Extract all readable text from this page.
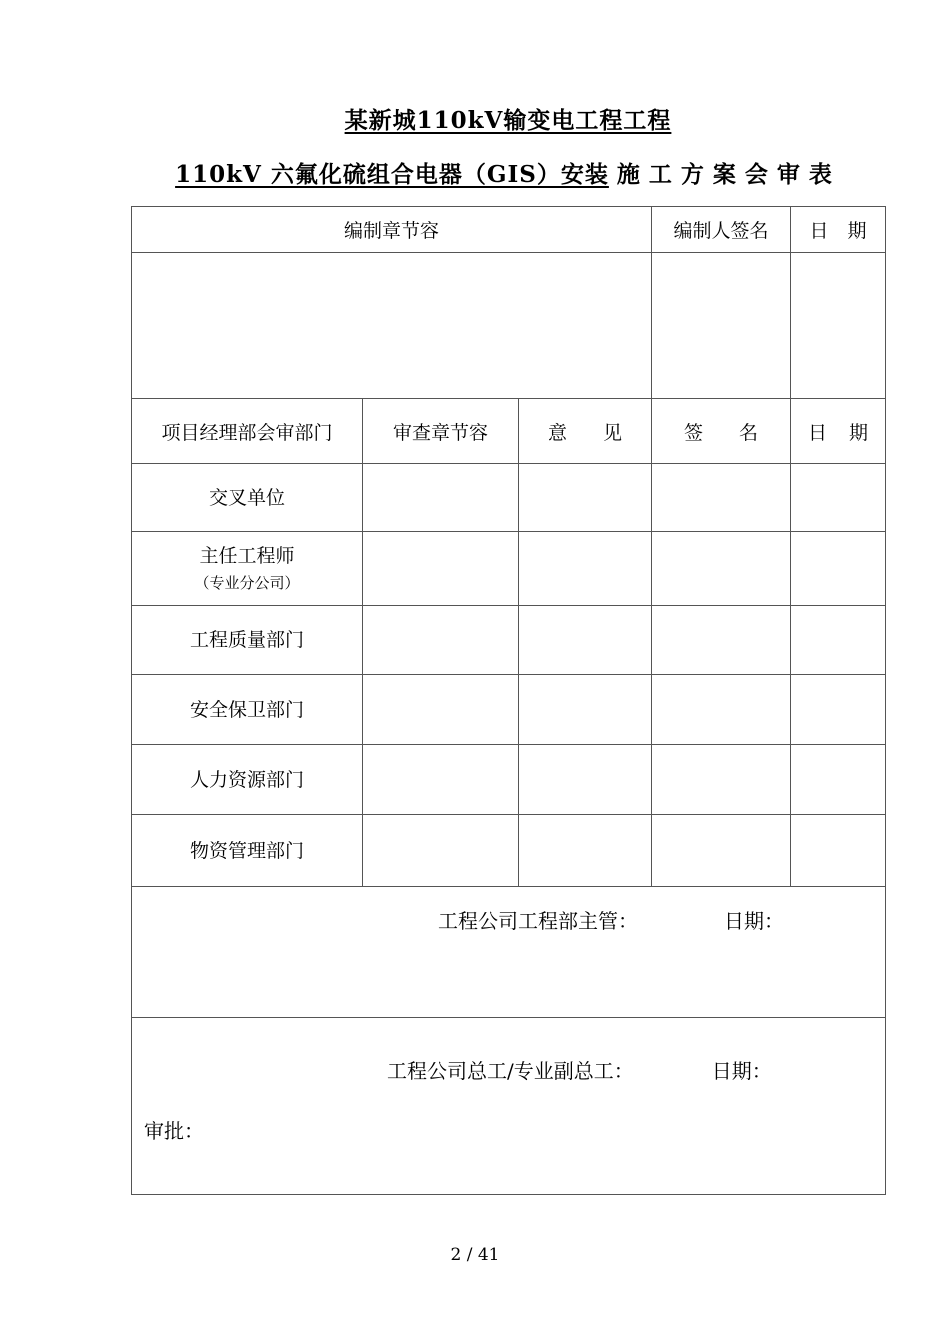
某新城110kV输变电工程工程
110kV 六氟化硫组合电器（GIS）安装 施工方案会审表
编制章节容			编制人签名	日　期

项目经理部会审部门	审查章节容	意　见	签　名	日　期
交叉单位				
主任工程师
（专业分公司）				

工程质量部门				
安全保卫部门				
人力资源部门				
物资管理部门				

工程公司工程部主管： 日期：				

审批：
工程公司总工/专业副总工： 日期：				
2 / 41
